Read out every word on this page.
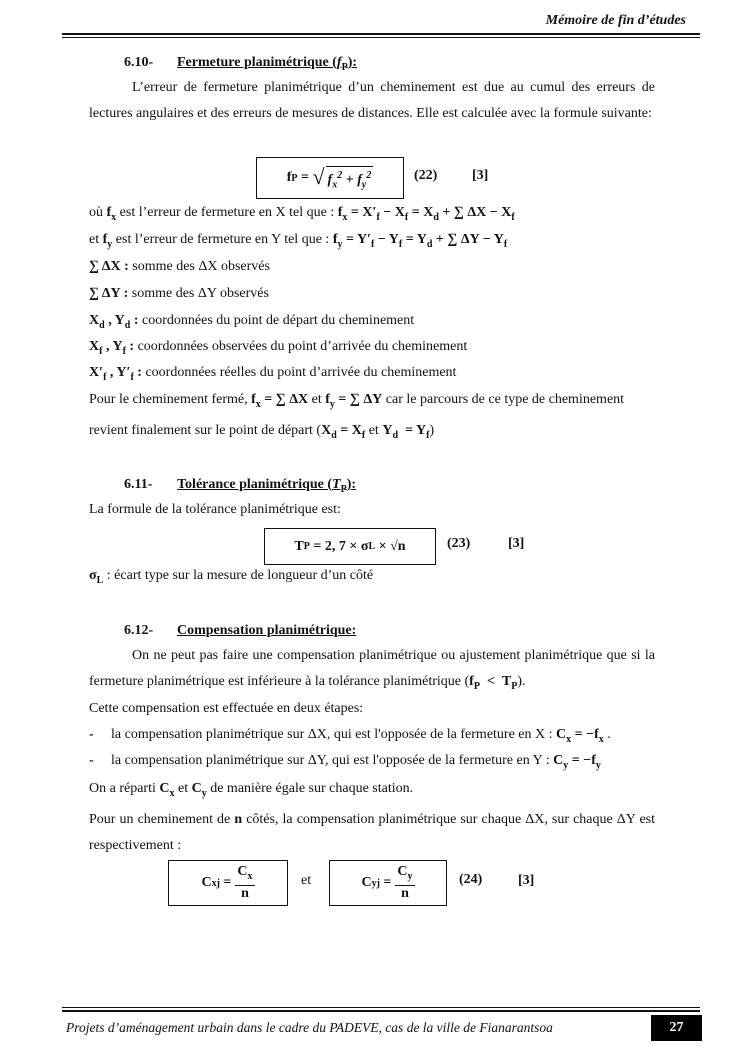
Mémoire de fin d’études
6.10- Fermeture planimétrique $(f_P)$:
L’erreur de fermeture planimétrique d’un cheminement est due au cumul des erreurs de lectures angulaires et des erreurs de mesures de distances. Elle est calculée avec la formule suivante:
f P = √ $f_x^2 + f_y^2$	(22) [3]
où $f_x$ est l’erreur de fermeture en X tel que : $f_x = X'_f - X_f = X_d$ + ∑ $\Delta X - X_f$
et $f_y$ est l’erreur de fermeture en Y tel que : $f_y = Y'_f - Y_f = Y_d$ + ∑ $\Delta Y - Y_f$
∑ ΔX : somme des ΔX observés
∑ ΔY : somme des ΔY observés
$X_d$ , $Y_d$ : coordonnées du point de départ du cheminement
$X_f$ , $Y_f$ : coordonnées observées du point d’arrivée du cheminement
$X'_f$ , $Y'_f$ : coordonnées réelles du point d’arrivée du cheminement
Pour le cheminement fermé, $f_x$ = ∑ ΔX et $f_y$ = ∑ ΔY car le parcours de ce type de cheminement
revient finalement sur le point de départ ($X_d = X_f$ et $Y_d = Y_f$)
6.11- Tolérance planimétrique $(T_P)$:
La formule de la tolérance planimétrique est:
T P = 2, 7 × σ L × √n	(23)	[3]
$\sigma_L$ : écart type sur la mesure de longueur d’un côté
6.12- Compensation planimétrique:
On ne peut pas faire une compensation planimétrique ou ajustement planimétrique que si la fermeture planimétrique est inférieure à la tolérance planimétrique $(f_P < T_P)$.
Cette compensation est effectuée en deux étapes:
- la compensation planimétrique sur ΔX, qui est l'opposée de la fermeture en X : $C_x = -f_x$ .
- la compensation planimétrique sur ΔY, qui est l'opposée de la fermeture en Y : $C_y = -f_y$
On a réparti $C_x$ et $C_y$ de manière égale sur chaque station.
Pour un cheminement de n côtés, la compensation planimétrique sur chaque ΔX, sur chaque ΔY est respectivement :
C xj = $\frac{C_x}{n}$	et	C yj = $\frac{C_y}{n}$	(24)	[3]
Projets d’aménagement urbain dans le cadre du PADEVE, cas de la ville de Fianarantsoa	27
